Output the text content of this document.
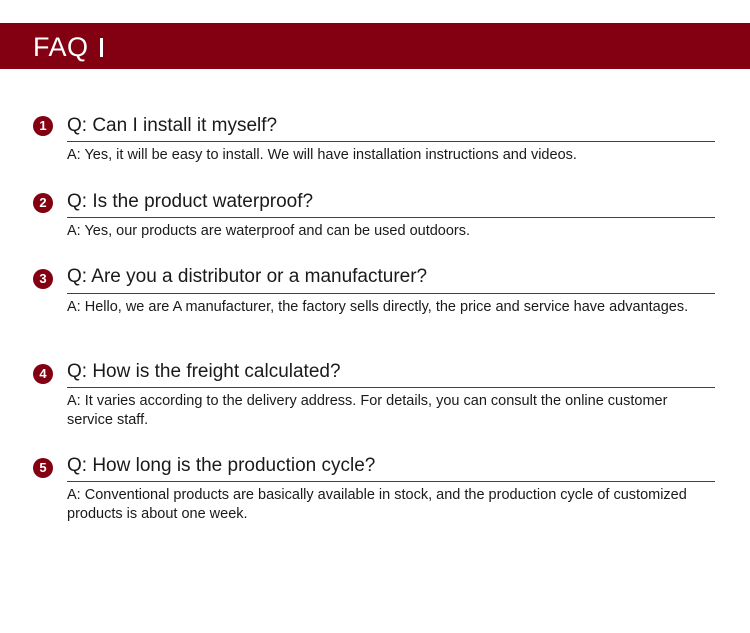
FAQ
1	Q: Can I install it myself?
A: Yes, it will be easy to install. We will have installation instructions and videos.
2	Q: Is the product waterproof?
A: Yes, our products are waterproof and can be used outdoors.
3	Q: Are you a distributor or a manufacturer?
A: Hello, we are A manufacturer, the factory sells directly, the price and service have advantages.
4	Q: How is the freight calculated?
A: It varies according to the delivery address. For details, you can consult the online customer service staff.
5	Q: How long is the production cycle?
A: Conventional products are basically available in stock, and the production cycle of customized products is about one week.
